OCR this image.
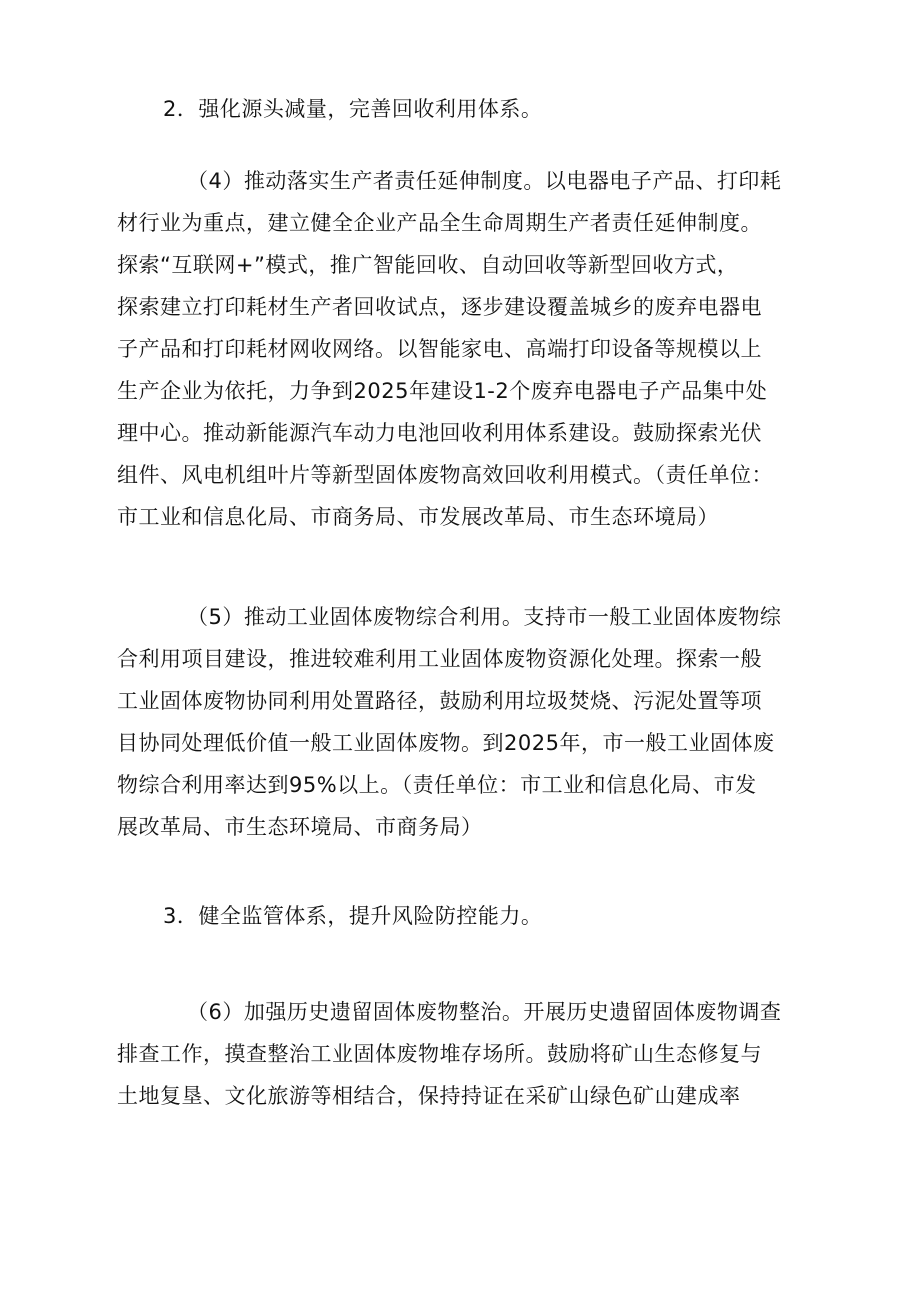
2．强化源头减量，完善回收利用体系。
（4）推动落实生产者责任延伸制度。以电器电子产品、打印耗
材行业为重点，建立健全企业产品全生命周期生产者责任延伸制度。
探索“互联网+”模式，推广智能回收、自动回收等新型回收方式，
探索建立打印耗材生产者回收试点，逐步建设覆盖城乡的废弃电器电
子产品和打印耗材网收网络。以智能家电、高端打印设备等规模以上
生产企业为依托，力争到2025年建设1-2个废弃电器电子产品集中处
理中心。推动新能源汽车动力电池回收利用体系建设。鼓励探索光伏
组件、风电机组叶片等新型固体废物高效回收利用模式。（责任单位：
市工业和信息化局、市商务局、市发展改革局、市生态环境局）
（5）推动工业固体废物综合利用。支持市一般工业固体废物综
合利用项目建设，推进较难利用工业固体废物资源化处理。探索一般
工业固体废物协同利用处置路径，鼓励利用垃圾焚烧、污泥处置等项
目协同处理低价值一般工业固体废物。到2025年，市一般工业固体废
物综合利用率达到95%以上。（责任单位：市工业和信息化局、市发
展改革局、市生态环境局、市商务局）
3．健全监管体系，提升风险防控能力。
（6）加强历史遗留固体废物整治。开展历史遗留固体废物调查
排查工作，摸查整治工业固体废物堆存场所。鼓励将矿山生态修复与
土地复垦、文化旅游等相结合，保持持证在采矿山绿色矿山建成率
